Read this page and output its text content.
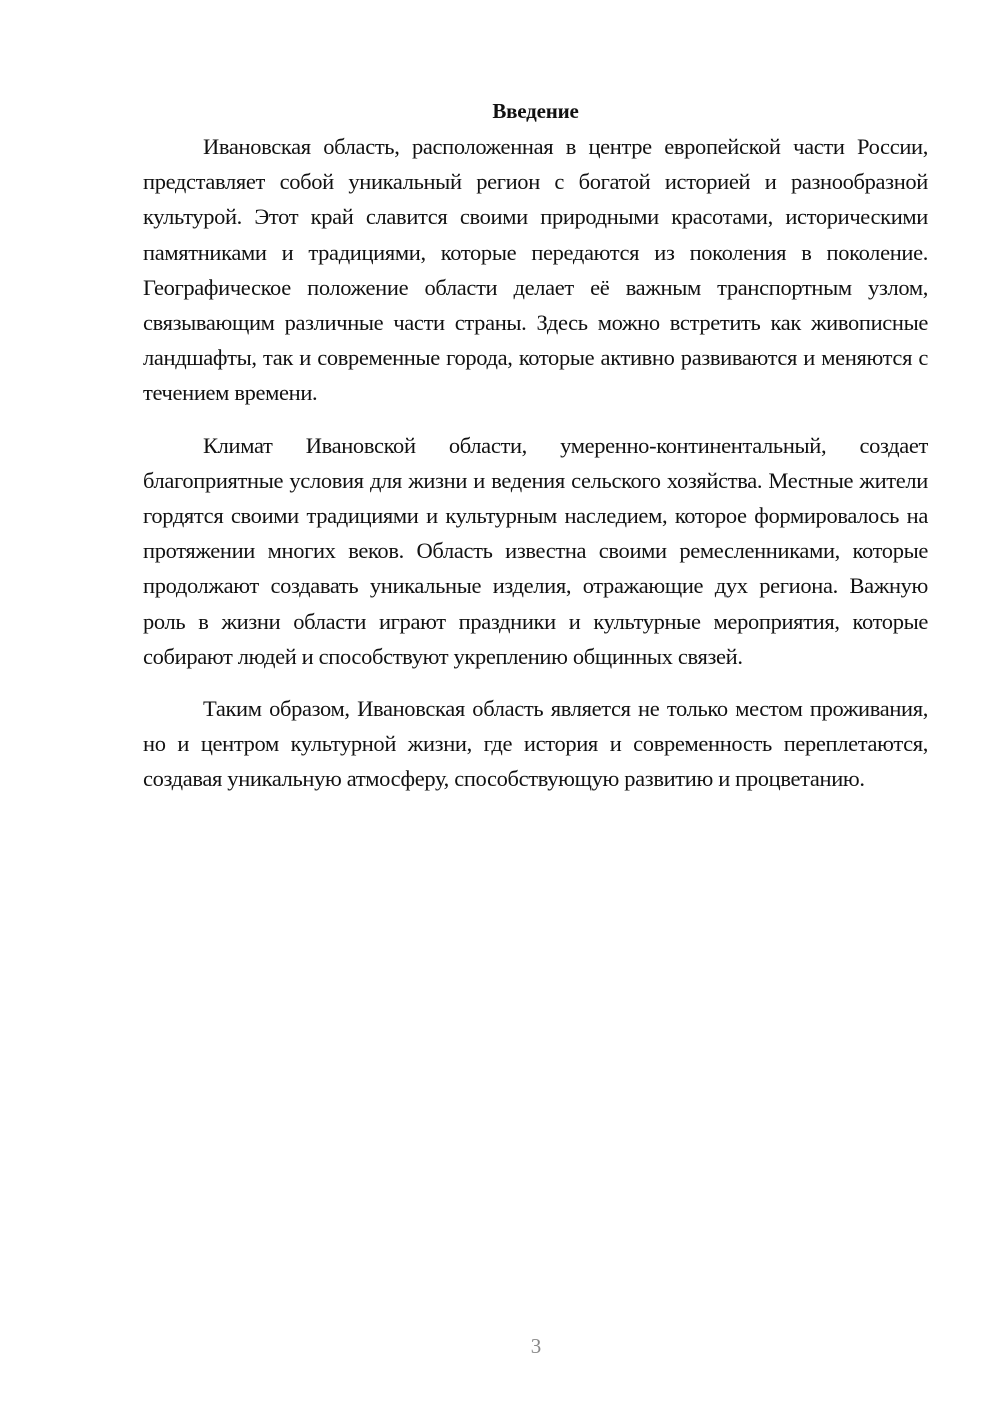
Введение

Ивановская область, расположенная в центре европейской части России, представляет собой уникальный регион с богатой историей и разнообразной культурой. Этот край славится своими природными красотами, историческими памятниками и традициями, которые передаются из поколения в поколение. Географическое положение области делает её важным транспортным узлом, связывающим различные части страны. Здесь можно встретить как живописные ландшафты, так и современные города, которые активно развиваются и меняются с течением времени.

Климат Ивановской области, умеренно-континентальный, создает благоприятные условия для жизни и ведения сельского хозяйства. Местные жители гордятся своими традициями и культурным наследием, которое формировалось на протяжении многих веков. Область известна своими ремесленниками, которые продолжают создавать уникальные изделия, отражающие дух региона. Важную роль в жизни области играют праздники и культурные мероприятия, которые собирают людей и способствуют укреплению общинных связей.

Таким образом, Ивановская область является не только местом проживания, но и центром культурной жизни, где история и современность переплетаются, создавая уникальную атмосферу, способствующую развитию и процветанию.

3
